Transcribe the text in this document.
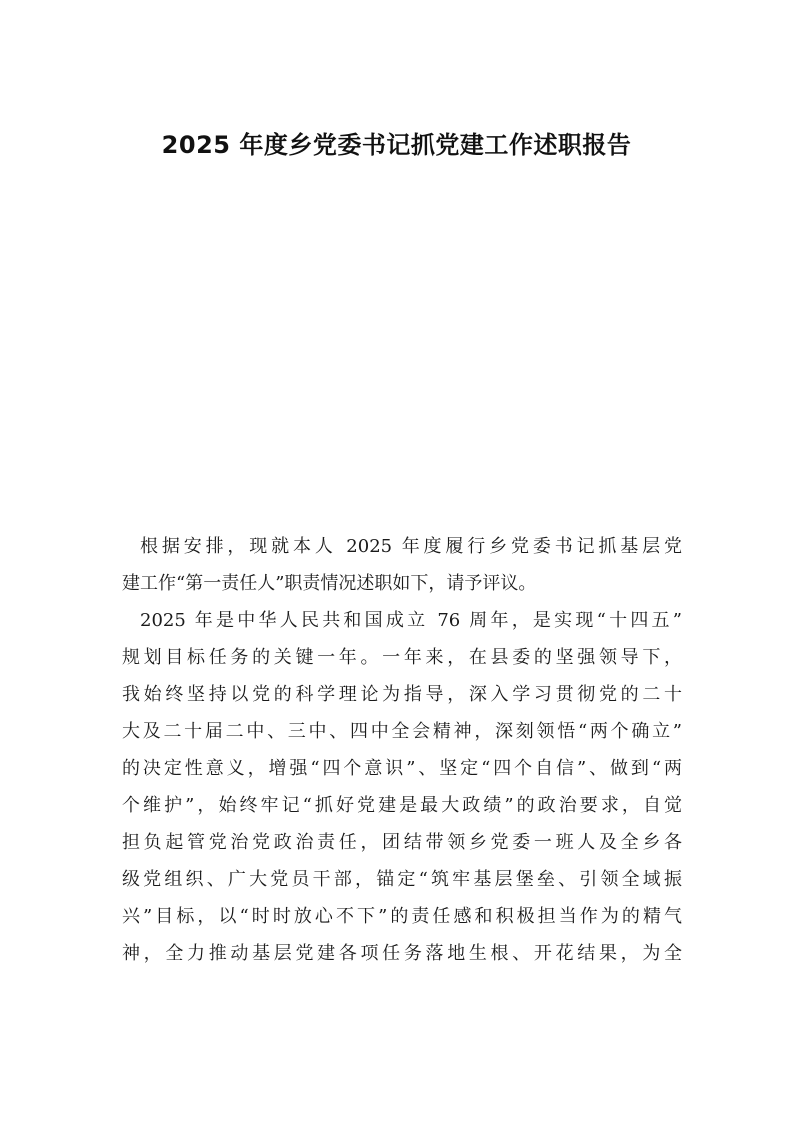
2025 年度乡党委书记抓党建工作述职报告
根据安排，现就本人 2025 年度履行乡党委书记抓基层党
建工作“第一责任人”职责情况述职如下，请予评议。
2025 年是中华人民共和国成立 76 周年，是实现“十四五”
规划目标任务的关键一年。一年来，在县委的坚强领导下，
我始终坚持以党的科学理论为指导，深入学习贯彻党的二十
大及二十届二中、三中、四中全会精神，深刻领悟“两个确立”
的决定性意义，增强“四个意识”、坚定“四个自信”、做到“两
个维护”，始终牢记“抓好党建是最大政绩”的政治要求，自觉
担负起管党治党政治责任，团结带领乡党委一班人及全乡各
级党组织、广大党员干部，锚定“筑牢基层堡垒、引领全域振
兴”目标，以“时时放心不下”的责任感和积极担当作为的精气
神，全力推动基层党建各项任务落地生根、开花结果，为全
